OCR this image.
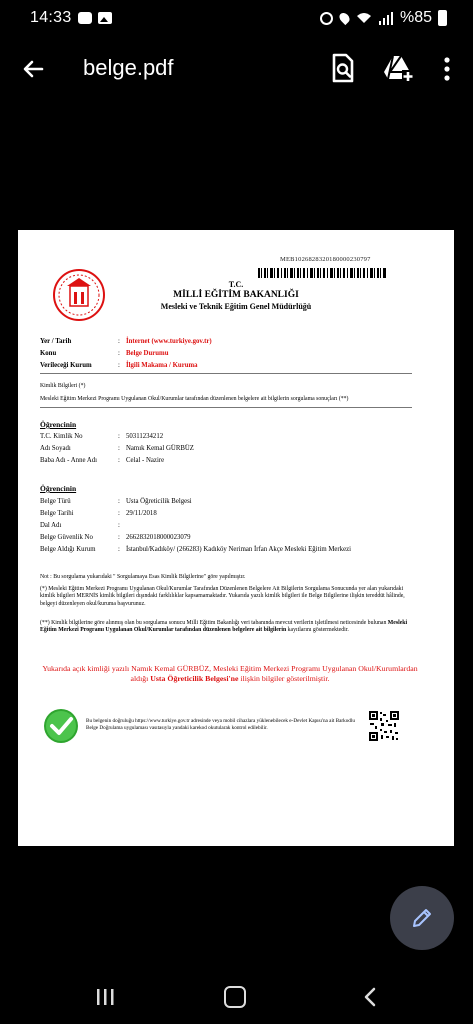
14:33	%85
belge.pdf
MEB1026828320180000230797
T.C.
MİLLİ EĞİTİM BAKANLIĞI
Mesleki ve Teknik Eğitim Genel Müdürlüğü
Yer / Tarih	: İnternet (www.turkiye.gov.tr)
Konu	: Belge Durumu
Verileceği Kurum	: İlgili Makama / Kuruma
Kimlik Bilgileri (*)
Mesleki Eğitim Merkezi Programı Uygulanan Okul/Kurumlar tarafından düzenlenen belgelere ait bilgilerin sorgulama sonuçları (**)
Öğrencinin
T.C. Kimlik No	: 50311234212
Adı Soyadı	: Namık Kemal GÜRBÜZ
Baba Adı - Anne Adı	: Celal - Nazire
Öğrencinin
Belge Türü	: Usta Öğreticilik Belgesi
Belge Tarihi	: 29/11/2018
Dal Adı	:
Belge Güvenlik No	: 2662832018000023079
Belge Aldığı Kurum	: İstanbul/Kadıköy/ (266283) Kadıköy Neriman İrfan Akçe Mesleki Eğitim Merkezi
Not : Bu sorgulama yukarıdaki " Sorgulamaya Esas Kimlik Bilgilerine" göre yapılmıştır.
(*) Mesleki Eğitim Merkezi Programı Uygulanan Okul/Kurumlar Tarafından Düzenlenen Belgelere Ait Bilgilerin Sorgulama Sonucunda yer alan yukarıdaki kimlik bilgileri MERNİS kimlik bilgileri dışındaki farklılıklar kapsamamaktadır. Yukarıda yazılı kimlik bilgileri ile Belge Bilgilerine ilişkin tereddüt hâlinde, belgeyi düzenleyen okul/kuruma başvurunuz.
(**) Kimlik bilgilerine göre alınmış olan bu sorgulama sonucu Milli Eğitim Bakanlığı veri tabanında mevcut verilerin işletilmesi neticesinde bulunan Mesleki Eğitim Merkezi Programı Uygulanan Okul/Kurumlar tarafından düzenlenen belgelere ait bilgilerin kayıtlarını göstermektedir.
Yukarıda açık kimliği yazılı Namık Kemal GÜRBÜZ, Mesleki Eğitim Merkezi Programı Uygulanan Okul/Kurumlardan aldığı Usta Öğreticilik Belgesi'ne ilişkin bilgiler gösterilmiştir.
Bu belgenin doğruluğu https://www.turkiye.gov.tr adresinde veya mobil cihazlara yüklenebilecek e-Devlet Kapısı'na ait Barkodlu Belge Doğrulama uygulaması vasıtasıyla yandaki karekod okutularak kontrol edilebilir.
